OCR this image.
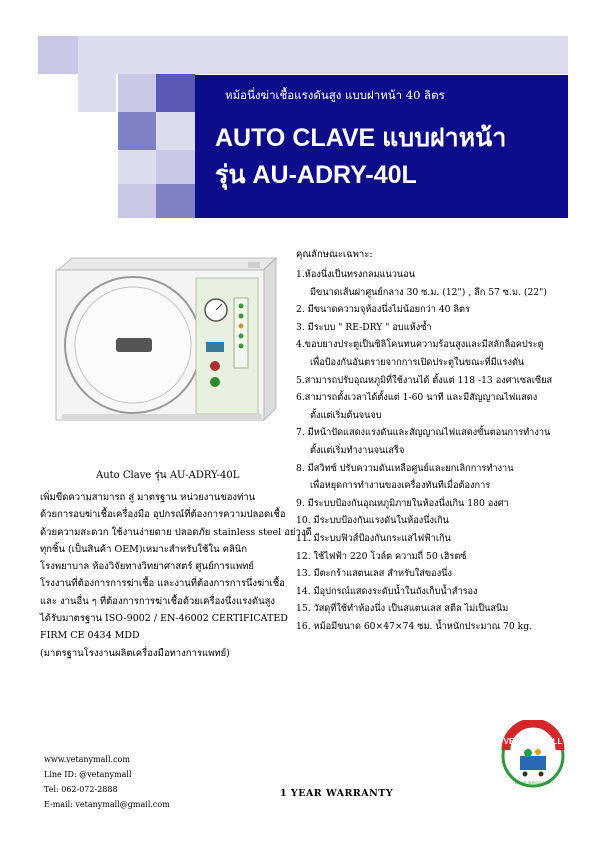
หม้อนึ่งฆ่าเชื้อแรงดันสูง แบบฝาหน้า 40 ลิตร
AUTO CLAVE แบบฝาหน้า
รุ่น AU-ADRY-40L
Auto Clave รุ่น AU-ADRY-40L
เพิ่มขีดความสามารถ สู่ มาตรฐาน หน่วยงานของท่าน
ด้วยการอบฆ่าเชื้อเครื่องมือ อุปกรณ์ที่ต้องการความปลอดเชื้อ
ด้วยความสะดวก ใช้งานง่ายดาย ปลอดภัย stainless steel อย่างดี
ทุกชิ้น (เป็นสินค้า OEM)เหมาะสำหรับใช้ใน คลินิก
โรงพยาบาล ห้องวิจัยทางวิทยาศาสตร์ ศูนย์การแพทย์
โรงงานที่ต้องการการฆ่าเชื้อ และงานที่ต้องการการนึ่งฆ่าเชื้อ
และ งานอื่น ๆ ที่ต้องการการฆ่าเชื้อด้วยเครื่องนึ่งแรงดันสูง
ได้รับมาตรฐาน ISO-9002 / EN-46002 CERTIFICATED
FIRM CE 0434 MDD
(มาตรฐานโรงงานผลิตเครื่องมือทางการแพทย์)
คุณลักษณะเฉพาะ:
1.ห้องนึ่งเป็นทรงกลมแนวนอน
มีขนาดเส้นผ่าศูนย์กลาง 30 ซ.ม. (12") , ลึก 57 ซ.ม. (22")
2. มีขนาดความจุห้องนึ่งไม่น้อยกว่า 40 ลิตร
3. มีระบบ " RE-DRY " อบแห้งซ้ำ
4.ขอบยางประตูเป็นซิลิโคนทนความร้อนสูงและมีสลักล็อคประตู
เพื่อป้องกันอันตรายจากการเปิดประตูในขณะที่มีแรงดัน
5.สามารถปรับอุณหภูมิที่ใช้งานได้ ตั้งแต่ 118 -13 องศาเซลเซียส
6.สามารถตั้งเวลาได้ตั้งแต่ 1-60 นาที และมีสัญญาณไฟแสดง
ตั้งแต่เริ่มต้นจนจบ
7. มีหน้าปัดแสดงแรงดันและสัญญาณไฟแสดงขั้นตอนการทำงาน
ตั้งแต่เริ่มทำงานจนเสร็จ
8. มีสวิทซ์ ปรับความดันเหลือศูนย์และยกเลิกการทำงาน
เพื่อหยุดการทำงานของเครื่องทันทีเมื่อต้องการ
9. มีระบบป้องกันอุณหภูมิภายในห้องนึ่งเกิน 180 องศา
10. มีระบบป้องกันแรงดันในห้องนึ่งเกิน
11. มีระบบฟิวส์ป้องกันกระแสไฟฟ้าเกิน
12. ใช้ไฟฟ้า 220 โวล์ต ความถี่ 50 เฮิรตซ์
13. มีตะกร้าแสตนเลส สำหรับใส่ของนึ่ง
14. มีอุปกรณ์แสดงระดับน้ำในถังเก็บน้ำสำรอง
15. วัสดุที่ใช้ทำห้องนึ่ง เป็นสแตนเลส สตีล ไม่เป็นสนิม
16. หม้อมีขนาด 60×47×74 ซม. น้ำหนักประมาณ 70 kg.
www.vetanymall.com
Line ID: @vetanymall
Tel: 062-072-2888
E-mail: vetanymall@gmail.com
1 YEAR WARRANTY
VET ANY MALL
* ONLINE SERVICE SHOP *
